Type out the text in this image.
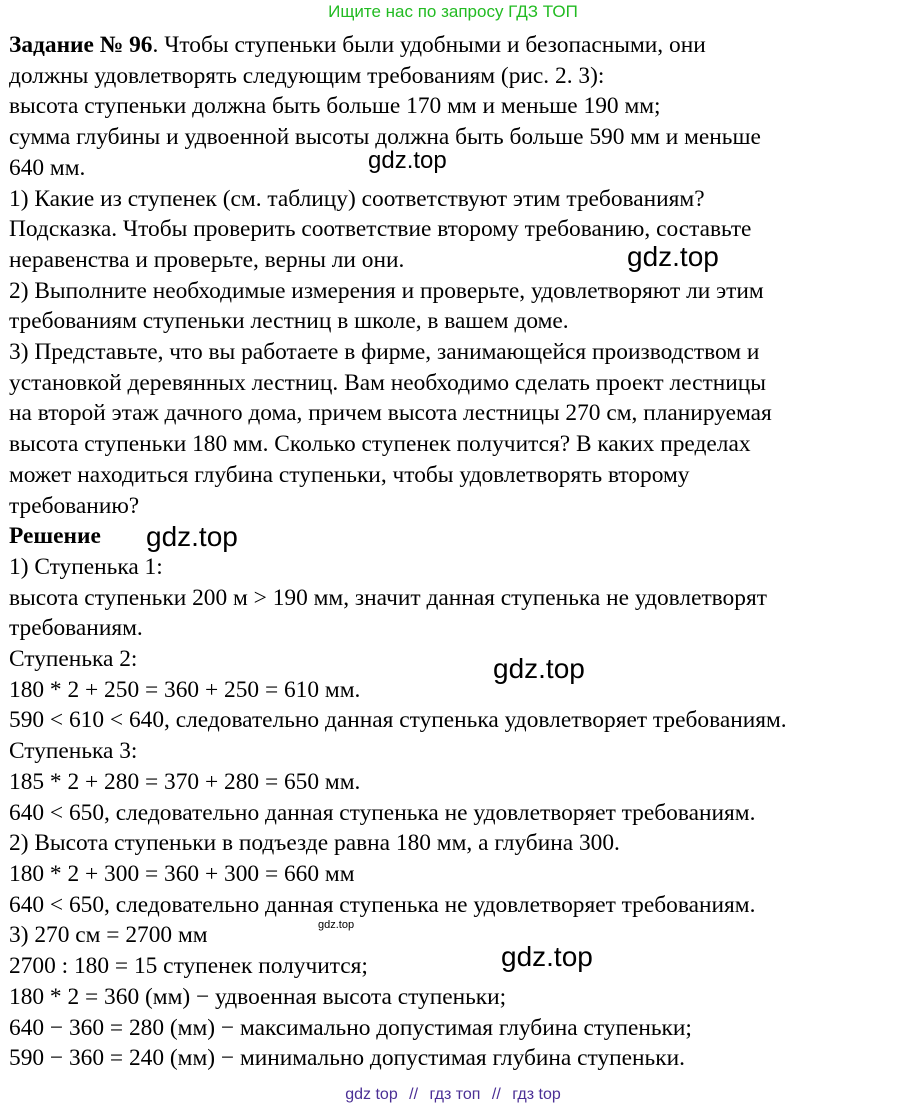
Ищите нас по запросу ГДЗ ТОП
Задание № 96. Чтобы ступеньки были удобными и безопасными, они
должны удовлетворять следующим требованиям (рис. 2. 3):
высота ступеньки должна быть больше 170 мм и меньше 190 мм;
сумма глубины и удвоенной высоты должна быть больше 590 мм и меньше
640 мм.
1) Какие из ступенек (см. таблицу) соответствуют этим требованиям?
Подсказка. Чтобы проверить соответствие второму требованию, составьте
неравенства и проверьте, верны ли они.
2) Выполните необходимые измерения и проверьте, удовлетворяют ли этим
требованиям ступеньки лестниц в школе, в вашем доме.
3) Представьте, что вы работаете в фирме, занимающейся производством и
установкой деревянных лестниц. Вам необходимо сделать проект лестницы
на второй этаж дачного дома, причем высота лестницы 270 см, планируемая
высота ступеньки 180 мм. Сколько ступенек получится? В каких пределах
может находиться глубина ступеньки, чтобы удовлетворять второму
требованию?
Решение
1) Ступенька 1:
высота ступеньки 200 м > 190 мм, значит данная ступенька не удовлетворят
требованиям.
Ступенька 2:
180 * 2 + 250 = 360 + 250 = 610 мм.
590 < 610 < 640, следовательно данная ступенька удовлетворяет требованиям.
Ступенька 3:
185 * 2 + 280 = 370 + 280 = 650 мм.
640 < 650, следовательно данная ступенька не удовлетворяет требованиям.
2) Высота ступеньки в подъезде равна 180 мм, а глубина 300.
180 * 2 + 300 = 360 + 300 = 660 мм
640 < 650, следовательно данная ступенька не удовлетворяет требованиям.
3) 270 см = 2700 мм
2700 : 180 = 15 ступенек получится;
180 * 2 = 360 (мм) − удвоенная высота ступеньки;
640 − 360 = 280 (мм) − максимально допустимая глубина ступеньки;
590 − 360 = 240 (мм) − минимально допустимая глубина ступеньки.
gdz.top
gdz.top
gdz.top
gdz.top
gdz.top
gdz.top
gdz top // гдз топ // гдз top
